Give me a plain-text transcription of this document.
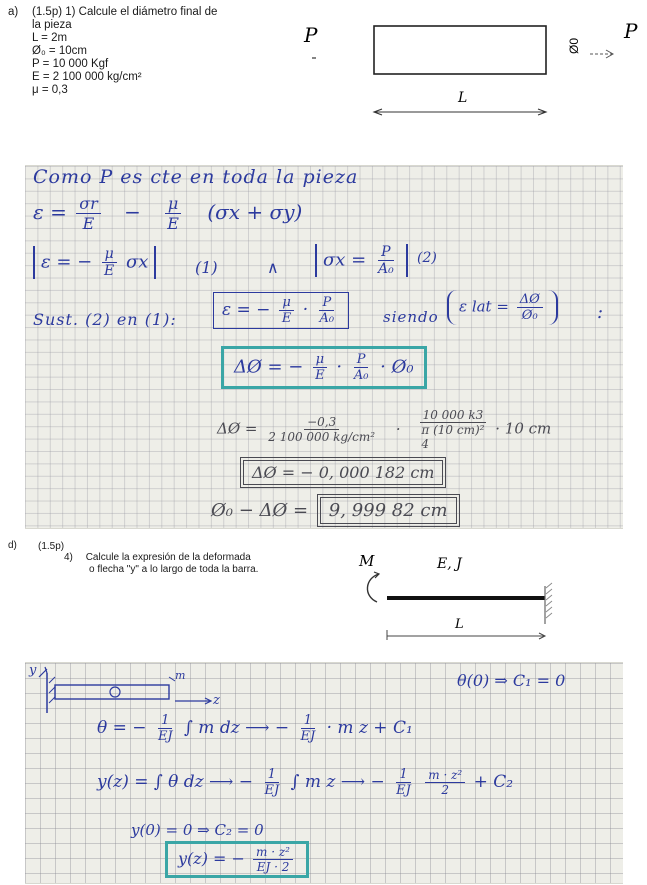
a)	(1.5p) 1) Calcule el diámetro final de
la pieza
L = 2m
Ø₀ = 10cm
P = 10 000 Kgf
E = 2 100 000 kg/cm²
μ = 0,3
P	Ø0
P
L
Como P es cte en toda la pieza
$\varepsilon = \frac{\sigma r}{E} - \frac{\mu}{E} (\sigma x + \sigma y)$
ε = − $\frac{\mu}{E}$ σx	(1)	∧	$\sigma x = \frac{P}{\text{A₀}} (2)$
Sust. (2) en (1):	ε = − $\frac{\mu}{E} \cdot \frac{P}{\text{A₀}}$	siendo
ε lat = $\frac{\Delta Ø}{\text{Ø₀}}$	:
ΔØ = − $\frac{\mu}{E} \cdot \frac{P}{\text{A₀}}$ · Ø₀
ΔØ = $\frac{-0,3}{\text{2 100 000 kg/cm²}}$ ·
10 000 k3
π (10 cm)²
4
· 10 cm
ΔØ = − 0, 000 182 cm
Ø₀ − ΔØ = 9, 999 82 cm
d)	(1.5p)
4) Calcule la expresión de la deformada
o flecha "y" a lo largo de toda la barra.	M	E, J
L
y
z
m	θ(0) ⇒ C₁ = 0
θ = − $\frac{1}{EJ}$ ∫ m dz ⟶ − $\frac{1}{EJ} \cdot m$ z + C₁
y(z) = ∫ θ dz ⟶ − $\frac{1}{EJ}$ ∫ m z ⟶ − $\frac{1}{EJ}$
$\frac{\text{m · z²}}{2} + C_2$
y(0) = 0 ⇒ C₂ = 0
y(z) = − $\frac{\text{m · z²}}{EJ \cdot 2}$
